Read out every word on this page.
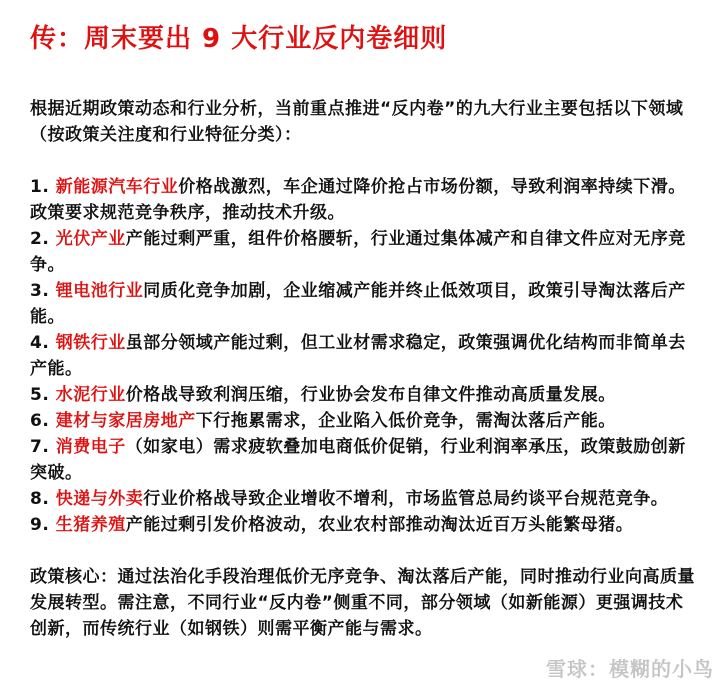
传：周末要出 9 大行业反内卷细则

根据近期政策动态和行业分析，当前重点推进“反内卷”的九大行业主要包括以下领域（按政策关注度和行业特征分类）：

1. 新能源汽车行业价格战激烈，车企通过降价抢占市场份额，导致利润率持续下滑。政策要求规范竞争秩序，推动技术升级。
2. 光伏产业产能过剩严重，组件价格腰斩，行业通过集体减产和自律文件应对无序竞争。
3. 锂电池行业同质化竞争加剧，企业缩减产能并终止低效项目，政策引导淘汰落后产能。
4. 钢铁行业虽部分领域产能过剩，但工业材需求稳定，政策强调优化结构而非简单去产能。
5. 水泥行业价格战导致利润压缩，行业协会发布自律文件推动高质量发展。
6. 建材与家居房地产下行拖累需求，企业陷入低价竞争，需淘汰落后产能。
7. 消费电子（如家电）需求疲软叠加电商低价促销，行业利润率承压，政策鼓励创新突破。
8. 快递与外卖行业价格战导致企业增收不增利，市场监管总局约谈平台规范竞争。
9. 生猪养殖产能过剩引发价格波动，农业农村部推动淘汰近百万头能繁母猪。

政策核心：通过法治化手段治理低价无序竞争、淘汰落后产能，同时推动行业向高质量发展转型。需注意，不同行业“反内卷”侧重不同，部分领域（如新能源）更强调技术创新，而传统行业（如钢铁）则需平衡产能与需求。

雪球：模糊的小鸟
